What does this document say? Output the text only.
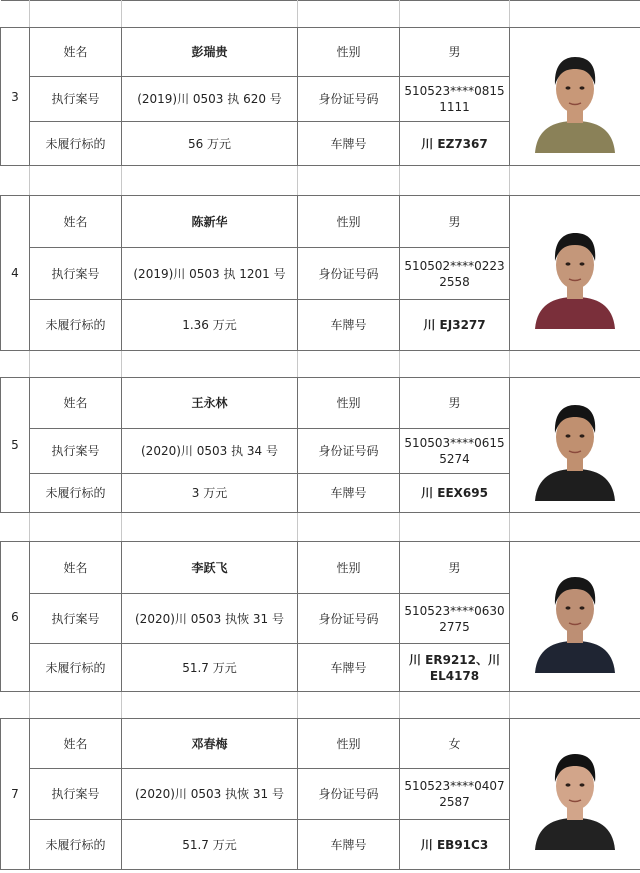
3	姓名	彭瑞贵	性别	男	

	执行案号	(2019)川 0503 执 620 号	身份证号码	510523****0815
1111	

	未履行标的	56 万元	车牌号	川 EZ7367	

4	姓名	陈新华	性别	男	

	执行案号	(2019)川 0503 执 1201 号	身份证号码	510502****0223
2558	

	未履行标的	1.36 万元	车牌号	川 EJ3277	

5	姓名	王永林	性别	男	

	执行案号	(2020)川 0503 执 34 号	身份证号码	510503****0615
5274	

	未履行标的	3 万元	车牌号	川 EEX695	

6	姓名	李跃飞	性别	男	

	执行案号	(2020)川 0503 执恢 31 号	身份证号码	510523****0630
2775	

	未履行标的	51.7 万元	车牌号	川 ER9212、川
EL4178	

7	姓名	邓春梅	性别	女	

	执行案号	(2020)川 0503 执恢 31 号	身份证号码	510523****0407
2587	

	未履行标的	51.7 万元	车牌号	川 EB91C3	
